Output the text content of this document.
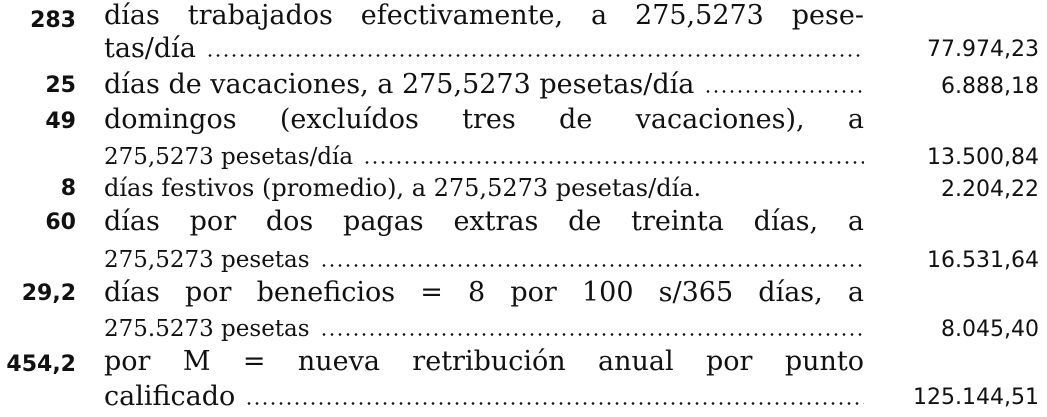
283 días trabajados efectivamente, a 275,5273 pese-
tas/día	77.974,23
25 días de vacaciones, a 275,5273 pesetas/día	6.888,18
49 domingos (excluídos tres de vacaciones), a
275,5273 pesetas/día	13.500,84
8 días festivos (promedio), a 275,5273 pesetas/día.	2.204,22
60 días por dos pagas extras de treinta días, a
275,5273 pesetas	16.531,64
29,2 días por beneficios = 8 por 100 s/365 días, a
275.5273 pesetas	8.045,40
454,2 por M = nueva retribución anual por punto
calificado	125.144,51
